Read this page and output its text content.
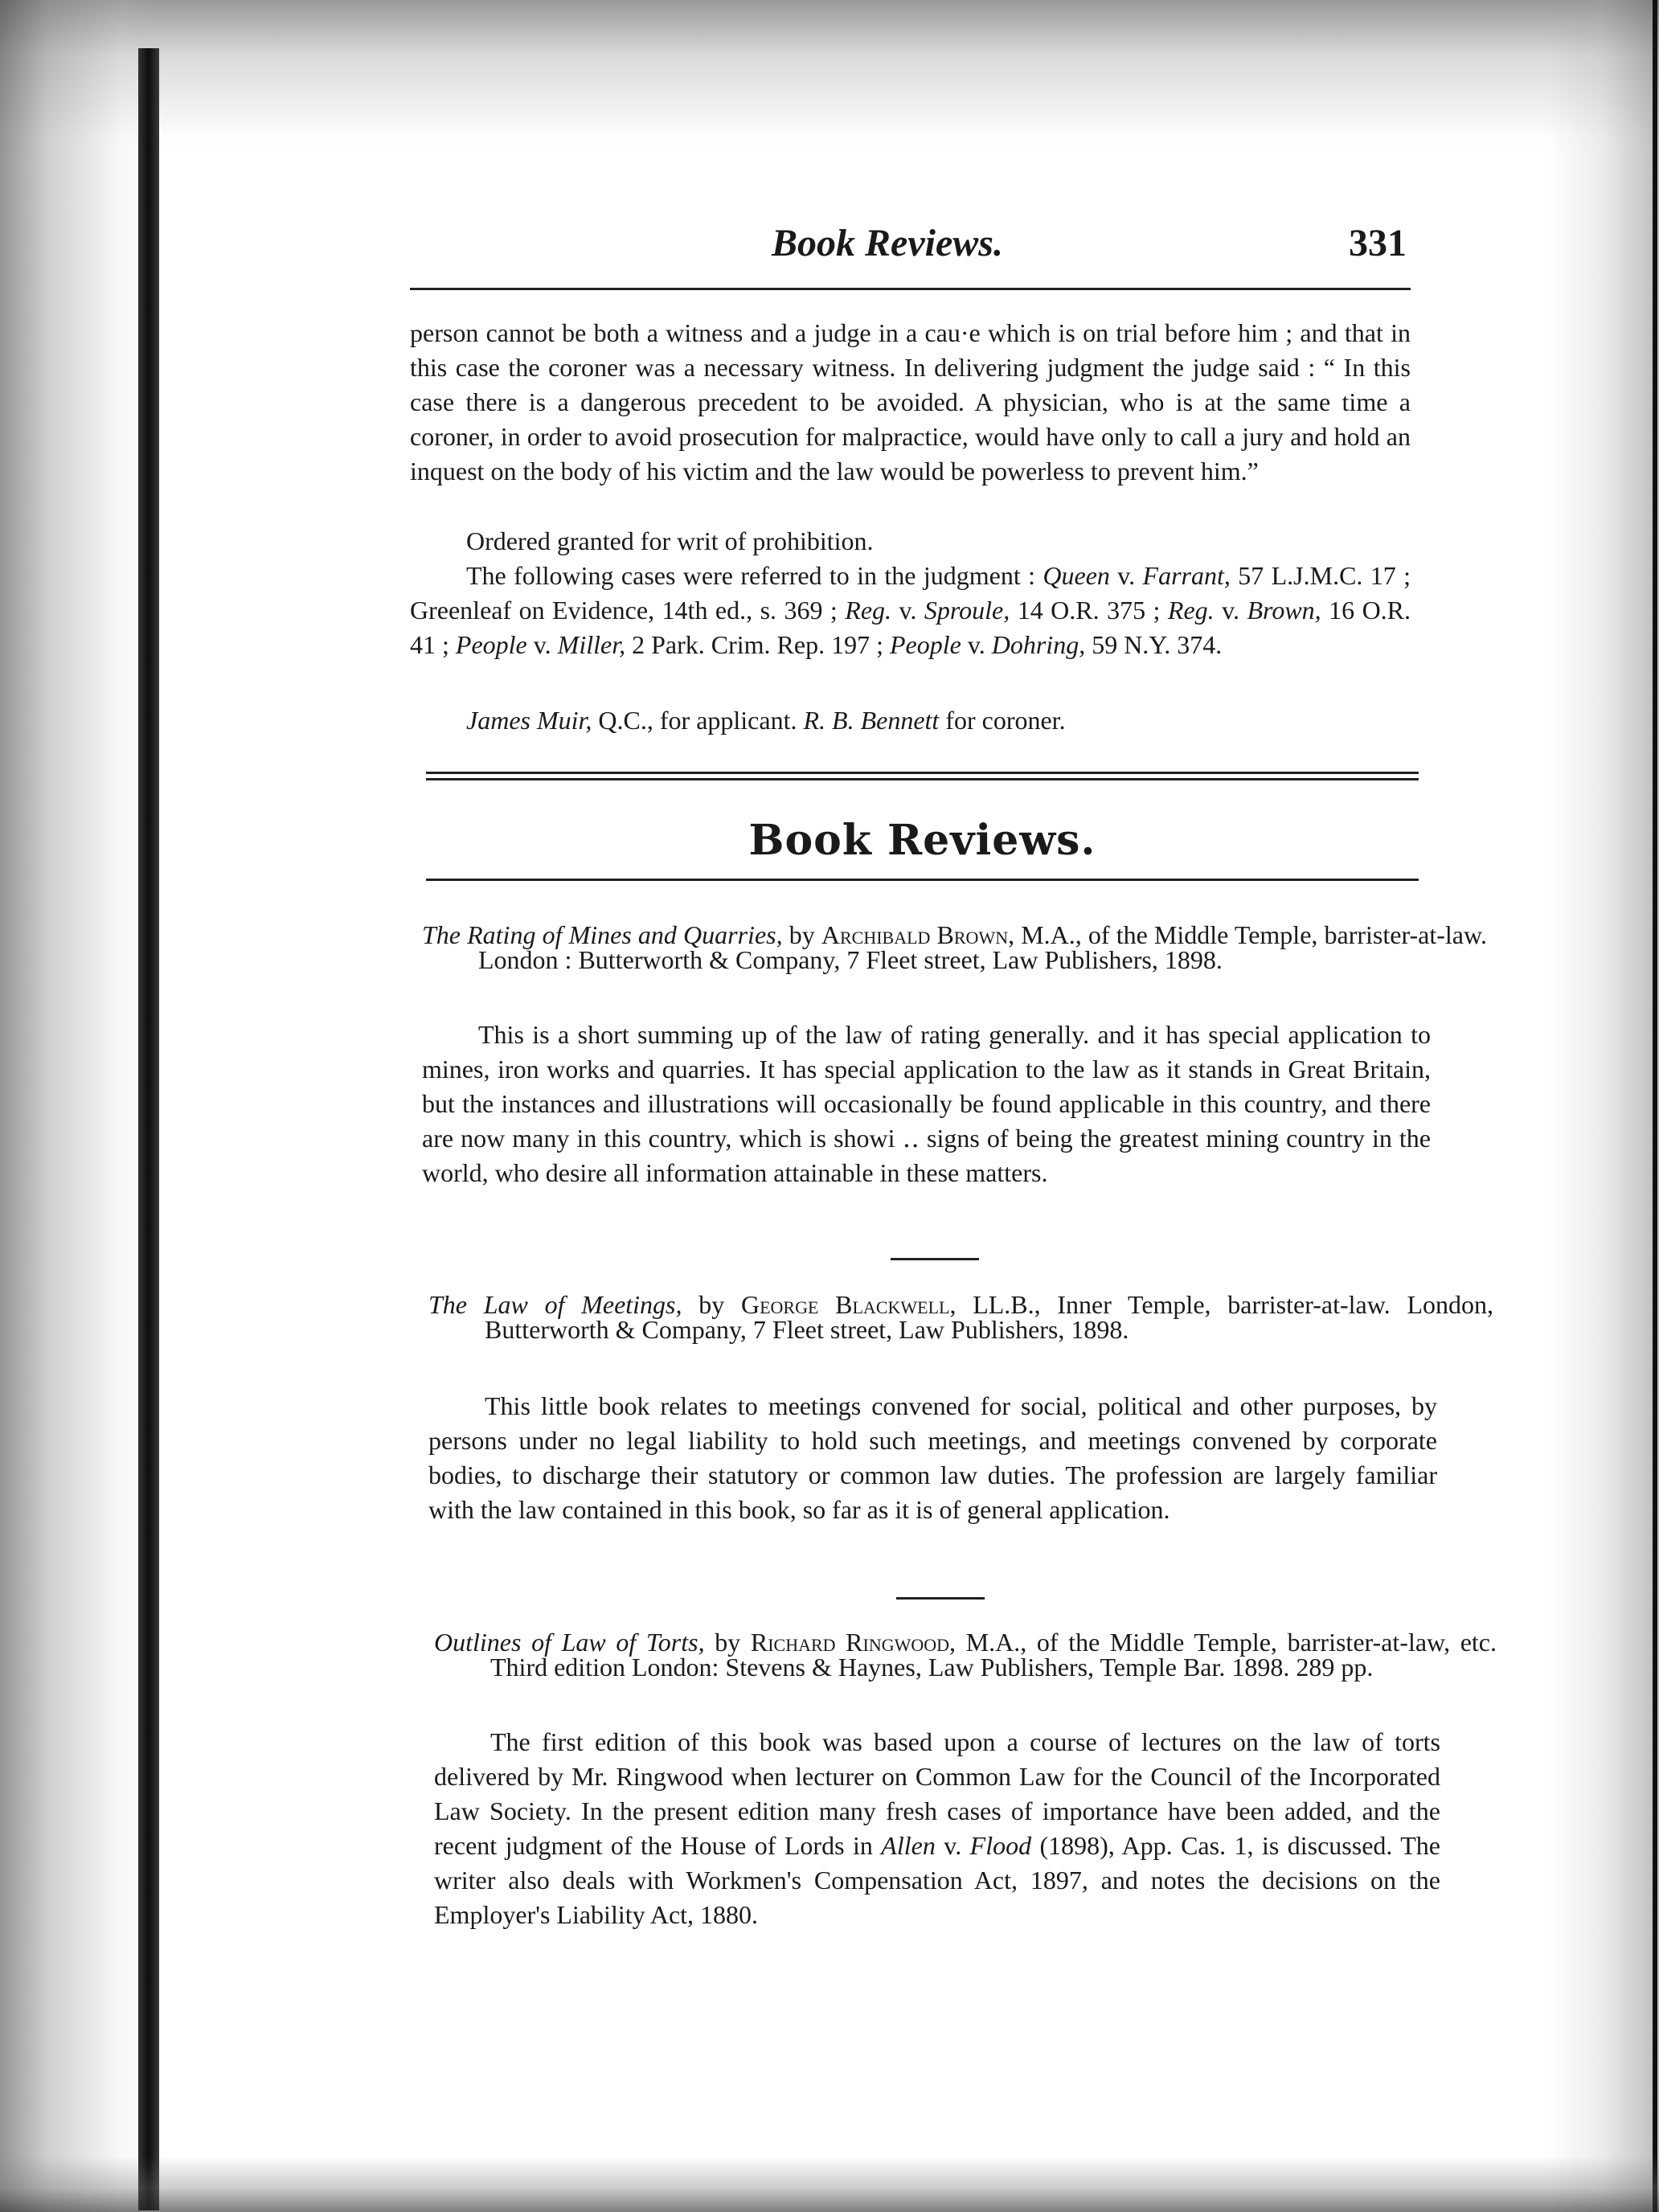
Book Reviews.	331

person cannot be both a witness and a judge in a cau·e which is on trial before him ; and that in this case the coroner was a necessary witness. In delivering judgment the judge said : “ In this case there is a dangerous precedent to be avoided. A physician, who is at the same time a coroner, in order to avoid prosecution for malpractice, would have only to call a jury and hold an inquest on the body of his victim and the law would be powerless to prevent him.”

Ordered granted for writ of prohibition.

The following cases were referred to in the judgment : Queen v. Farrant, 57 L.J.M.C. 17 ; Greenleaf on Evidence, 14th ed., s. 369 ; Reg. v. Sproule, 14 O.R. 375 ; Reg. v. Brown, 16 O.R. 41 ; People v. Miller, 2 Park. Crim. Rep. 197 ; People v. Dohring, 59 N.Y. 374.

James Muir, Q.C., for applicant. R. B. Bennett for coroner.

Book Reviews.

The Rating of Mines and Quarries, by Archibald Brown, M.A., of the Middle Temple, barrister-at-law. London : Butterworth & Company, 7 Fleet street, Law Publishers, 1898.

This is a short summing up of the law of rating generally. and it has special application to mines, iron works and quarries. It has special application to the law as it stands in Great Britain, but the instances and illustrations will occasionally be found applicable in this country, and there are now many in this country, which is showi ‥ signs of being the greatest mining country in the world, who desire all information attainable in these matters.

The Law of Meetings, by George Blackwell, LL.B., Inner Temple, barrister-at-law. London, Butterworth & Company, 7 Fleet street, Law Publishers, 1898.

This little book relates to meetings convened for social, political and other purposes, by persons under no legal liability to hold such meetings, and meetings convened by corporate bodies, to discharge their statutory or common law duties. The profession are largely familiar with the law contained in this book, so far as it is of general application.

Outlines of Law of Torts, by Richard Ringwood, M.A., of the Middle Temple, barrister-at-law, etc. Third edition London: Stevens & Haynes, Law Publishers, Temple Bar. 1898. 289 pp.

The first edition of this book was based upon a course of lectures on the law of torts delivered by Mr. Ringwood when lecturer on Common Law for the Council of the Incorporated Law Society. In the present edition many fresh cases of importance have been added, and the recent judgment of the House of Lords in Allen v. Flood (1898), App. Cas. 1, is discussed. The writer also deals with Workmen's Compensation Act, 1897, and notes the decisions on the Employer's Liability Act, 1880.
